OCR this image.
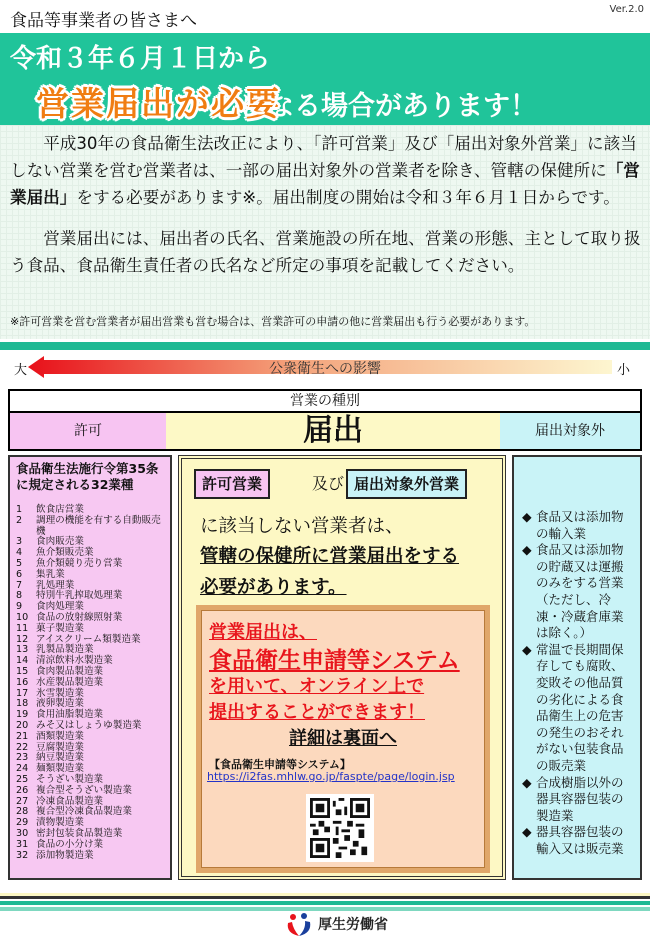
食品等事業者の皆さまへ
Ver.2.0
令和３年６月１日から
営業届出が必要
になる場合があります！

平成30年の食品衛生法改正により、「許可営業」及び「届出対象外営業」に該当しない営業を営む営業者は、一部の届出対象外の営業者を除き、管轄の保健所に「営業届出」をする必要があります※。届出制度の開始は令和３年６月１日からです。

営業届出には、届出者の氏名、営業施設の所在地、営業の形態、主として取り扱う食品、食品衛生責任者の氏名など所定の事項を記載してください。

※許可営業を営む営業者が届出営業も営む場合は、営業許可の申請の他に営業届出も行う必要があります。
大	公衆衛生への影響	小
営業の種別
許可	届出	届出対象外
食品衛生法施行令第35条に規定される32業種
1	飲食店営業
2	調理の機能を有する自動販売機
3	食肉販売業
4	魚介類販売業
5	魚介類競り売り営業
6	集乳業
7	乳処理業
8	特別牛乳搾取処理業
9	食肉処理業
10 食品の放射線照射業
11 菓子製造業
12 アイスクリーム類製造業
13 乳製品製造業
14 清涼飲料水製造業
15 食肉製品製造業
16 水産製品製造業
17 氷雪製造業
18 液卵製造業
19 食用油脂製造業
20 みそ又はしょうゆ製造業
21 酒類製造業
22 豆腐製造業
23 納豆製造業
24 麺類製造業
25 そうざい製造業
26 複合型そうざい製造業
27 冷凍食品製造業
28 複合型冷凍食品製造業
29 漬物製造業
30 密封包装食品製造業
31 食品の小分け業
32 添加物製造業
許可営業	及び 届出対象外営業
に該当しない営業者は、
管轄の保健所に営業届出をする
必要があります。
営業届出は、
食品衛生申請等システム
を用いて、オンライン上で
提出することができます！
詳細は裏面へ
【食品衛生申請等システム】
https://i2fas.mhlw.go.jp/faspte/page/login.jsp
◆ 食品又は添加物の輸入業
◆ 食品又は添加物の貯蔵又は運搬のみをする営業（ただし、冷凍・冷蔵倉庫業は除く。）
◆ 常温で長期間保存しても腐敗、変敗その他品質の劣化による食品衛生上の危害の発生のおそれがない包装食品の販売業
◆ 合成樹脂以外の器具容器包装の製造業
◆ 器具容器包装の輸入又は販売業
厚生労働省
